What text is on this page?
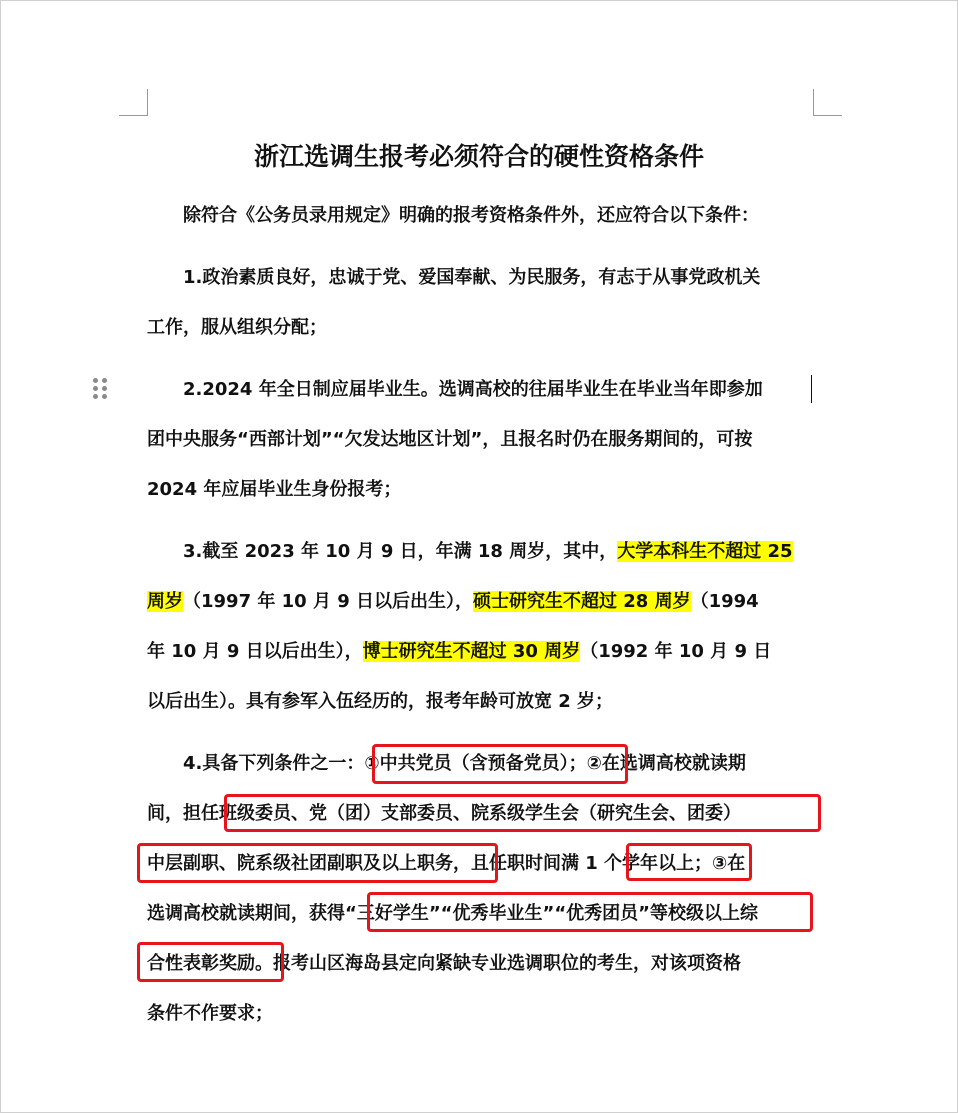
浙江选调生报考必须符合的硬性资格条件
除符合《公务员录用规定》明确的报考资格条件外，还应符合以下条件：
1.政治素质良好，忠诚于党、爱国奉献、为民服务，有志于从事党政机关
工作，服从组织分配；
2.2024 年全日制应届毕业生。选调高校的往届毕业生在毕业当年即参加
团中央服务“西部计划”“欠发达地区计划”，且报名时仍在服务期间的，可按
2024 年应届毕业生身份报考；
3.截至 2023 年 10 月 9 日，年满 18 周岁，其中，大学本科生不超过 25
周岁（1997 年 10 月 9 日以后出生），硕士研究生不超过 28 周岁（1994
年 10 月 9 日以后出生），博士研究生不超过 30 周岁（1992 年 10 月 9 日
以后出生）。具有参军入伍经历的，报考年龄可放宽 2 岁；
4.具备下列条件之一：①中共党员（含预备党员）；②在选调高校就读期
间，担任班级委员、党（团）支部委员、院系级学生会（研究生会、团委）
中层副职、院系级社团副职及以上职务，且任职时间满 1 个学年以上；③在
选调高校就读期间，获得“三好学生”“优秀毕业生”“优秀团员”等校级以上综
合性表彰奖励。报考山区海岛县定向紧缺专业选调职位的考生，对该项资格
条件不作要求；
